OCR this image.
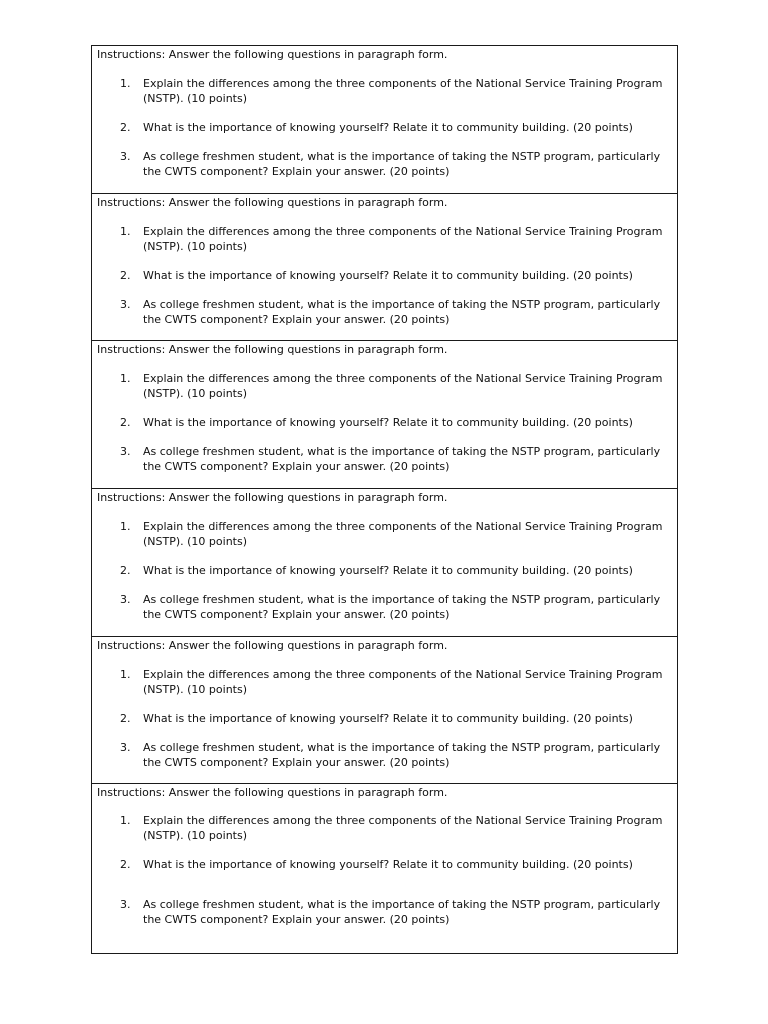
Instructions: Answer the following questions in paragraph form.
1.	Explain the differences among the three components of the National Service Training Program (NSTP). (10 points)
2.	What is the importance of knowing yourself? Relate it to community building. (20 points)
3.	As college freshmen student, what is the importance of taking the NSTP program, particularly the CWTS component? Explain your answer. (20 points)
Instructions: Answer the following questions in paragraph form.
1.	Explain the differences among the three components of the National Service Training Program (NSTP). (10 points)
2.	What is the importance of knowing yourself? Relate it to community building. (20 points)
3.	As college freshmen student, what is the importance of taking the NSTP program, particularly the CWTS component? Explain your answer. (20 points)
Instructions: Answer the following questions in paragraph form.
1.	Explain the differences among the three components of the National Service Training Program (NSTP). (10 points)
2.	What is the importance of knowing yourself? Relate it to community building. (20 points)
3.	As college freshmen student, what is the importance of taking the NSTP program, particularly the CWTS component? Explain your answer. (20 points)
Instructions: Answer the following questions in paragraph form.
1.	Explain the differences among the three components of the National Service Training Program (NSTP). (10 points)
2.	What is the importance of knowing yourself? Relate it to community building. (20 points)
3.	As college freshmen student, what is the importance of taking the NSTP program, particularly the CWTS component? Explain your answer. (20 points)
Instructions: Answer the following questions in paragraph form.
1.	Explain the differences among the three components of the National Service Training Program (NSTP). (10 points)
2.	What is the importance of knowing yourself? Relate it to community building. (20 points)
3.	As college freshmen student, what is the importance of taking the NSTP program, particularly the CWTS component? Explain your answer. (20 points)
Instructions: Answer the following questions in paragraph form.
1.	Explain the differences among the three components of the National Service Training Program (NSTP). (10 points)
2.	What is the importance of knowing yourself? Relate it to community building. (20 points)
3.	As college freshmen student, what is the importance of taking the NSTP program, particularly the CWTS component? Explain your answer. (20 points)
